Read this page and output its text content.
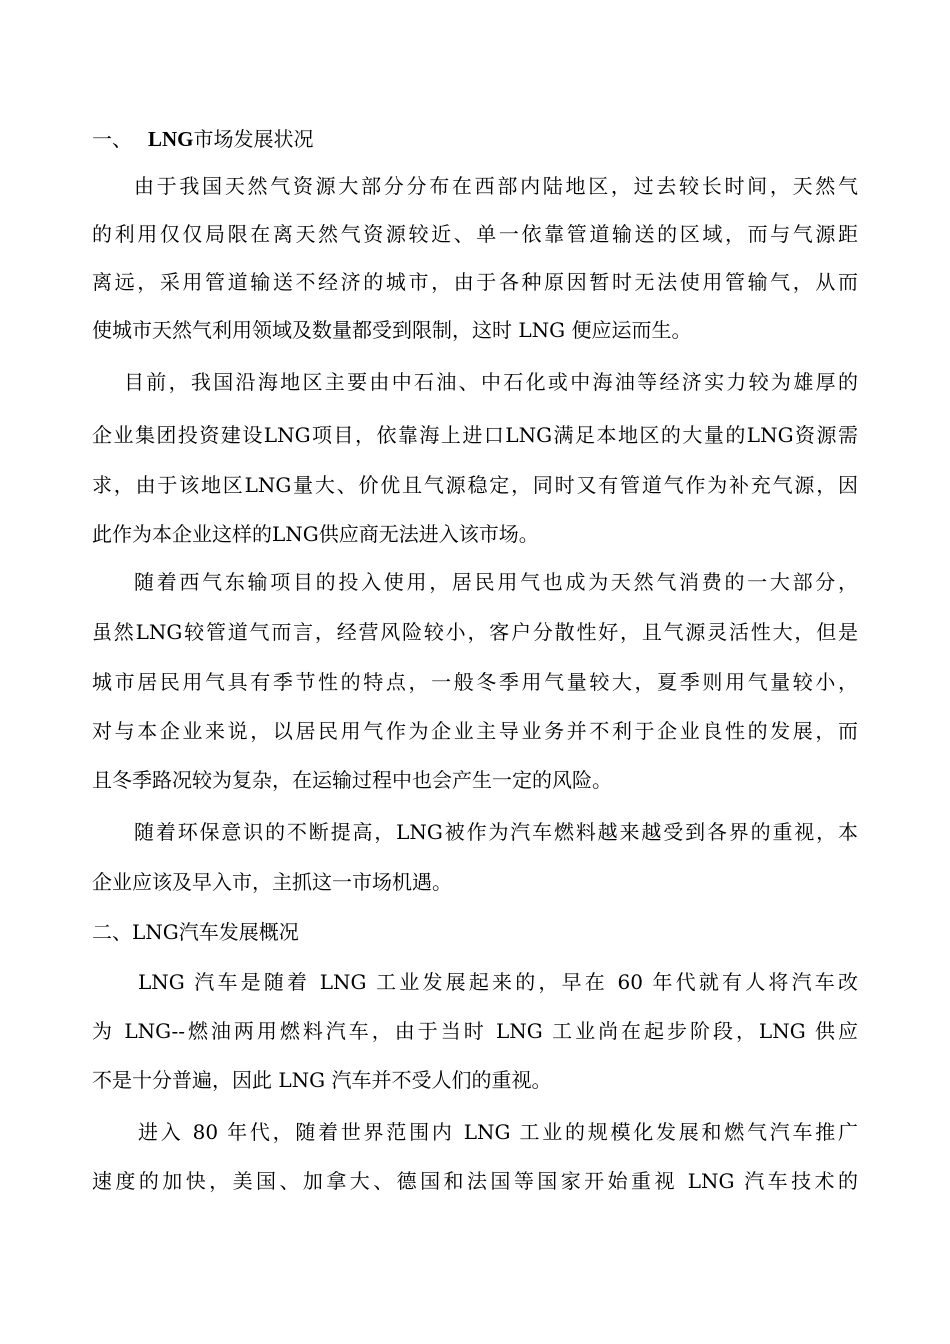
一、 LNG市场发展状况
由于我国天然气资源大部分分布在西部内陆地区，过去较长时间，天然气
的利用仅仅局限在离天然气资源较近、单一依靠管道输送的区域，而与气源距
离远，采用管道输送不经济的城市，由于各种原因暂时无法使用管输气，从而
使城市天然气利用领域及数量都受到限制，这时 LNG 便应运而生。
目前，我国沿海地区主要由中石油、中石化或中海油等经济实力较为雄厚的
企业集团投资建设LNG项目，依靠海上进口LNG满足本地区的大量的LNG资源需
求，由于该地区LNG量大、价优且气源稳定，同时又有管道气作为补充气源，因
此作为本企业这样的LNG供应商无法进入该市场。
随着西气东输项目的投入使用，居民用气也成为天然气消费的一大部分，
虽然LNG较管道气而言，经营风险较小，客户分散性好，且气源灵活性大，但是
城市居民用气具有季节性的特点，一般冬季用气量较大，夏季则用气量较小，
对与本企业来说，以居民用气作为企业主导业务并不利于企业良性的发展，而
且冬季路况较为复杂，在运输过程中也会产生一定的风险。
随着环保意识的不断提高，LNG被作为汽车燃料越来越受到各界的重视，本
企业应该及早入市，主抓这一市场机遇。
二、LNG汽车发展概况
LNG 汽车是随着 LNG 工业发展起来的，早在 60 年代就有人将汽车改
为 LNG--燃油两用燃料汽车，由于当时 LNG 工业尚在起步阶段，LNG 供应
不是十分普遍，因此 LNG 汽车并不受人们的重视。
进入 80 年代，随着世界范围内 LNG 工业的规模化发展和燃气汽车推广
速度的加快，美国、加拿大、德国和法国等国家开始重视 LNG 汽车技术的
